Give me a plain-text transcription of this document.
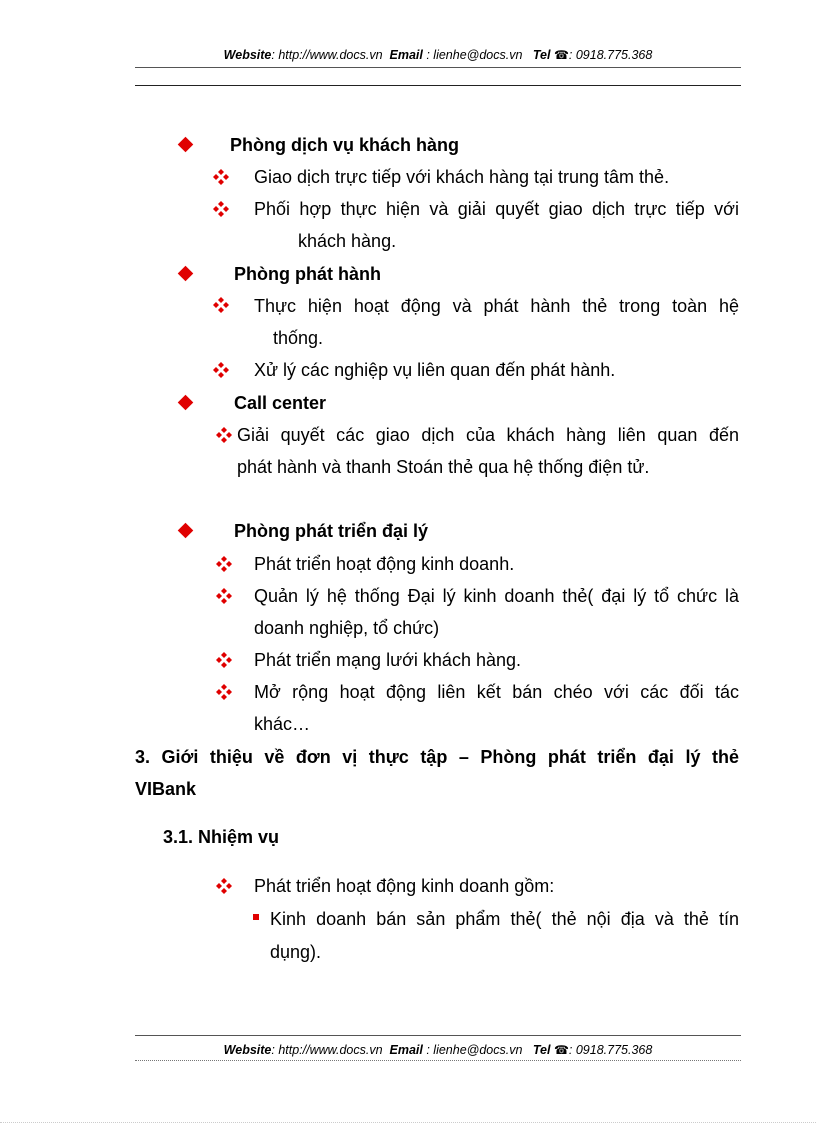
Website: http://www.docs.vn Email : lienhe@docs.vn Tel ☎: 0918.775.368
Phòng dịch vụ khách hàng
Giao dịch trực tiếp với khách hàng tại trung tâm thẻ.
Phối hợp thực hiện và giải quyết giao dịch trực tiếp với
khách hàng.
Phòng phát hành
Thực hiện hoạt động và phát hành thẻ trong toàn hệ
thống.
Xử lý các nghiệp vụ liên quan đến phát hành.
Call center
Giải quyết các giao dịch của khách hàng liên quan đến
phát hành và thanh Stoán thẻ qua hệ thống điện tử.
Phòng phát triển đại lý
Phát triển hoạt động kinh doanh.
Quản lý hệ thống Đại lý kinh doanh thẻ( đại lý tổ chức là
doanh nghiệp, tổ chức)
Phát triển mạng lưới khách hàng.
Mở rộng hoạt động liên kết bán chéo với các đối tác
khác…
3. Giới thiệu về đơn vị thực tập – Phòng phát triển đại lý thẻ
VIBank
3.1. Nhiệm vụ
Phát triển hoạt động kinh doanh gồm:
Kinh doanh bán sản phẩm thẻ( thẻ nội địa và thẻ tín
dụng).
Website: http://www.docs.vn Email : lienhe@docs.vn Tel ☎: 0918.775.368
